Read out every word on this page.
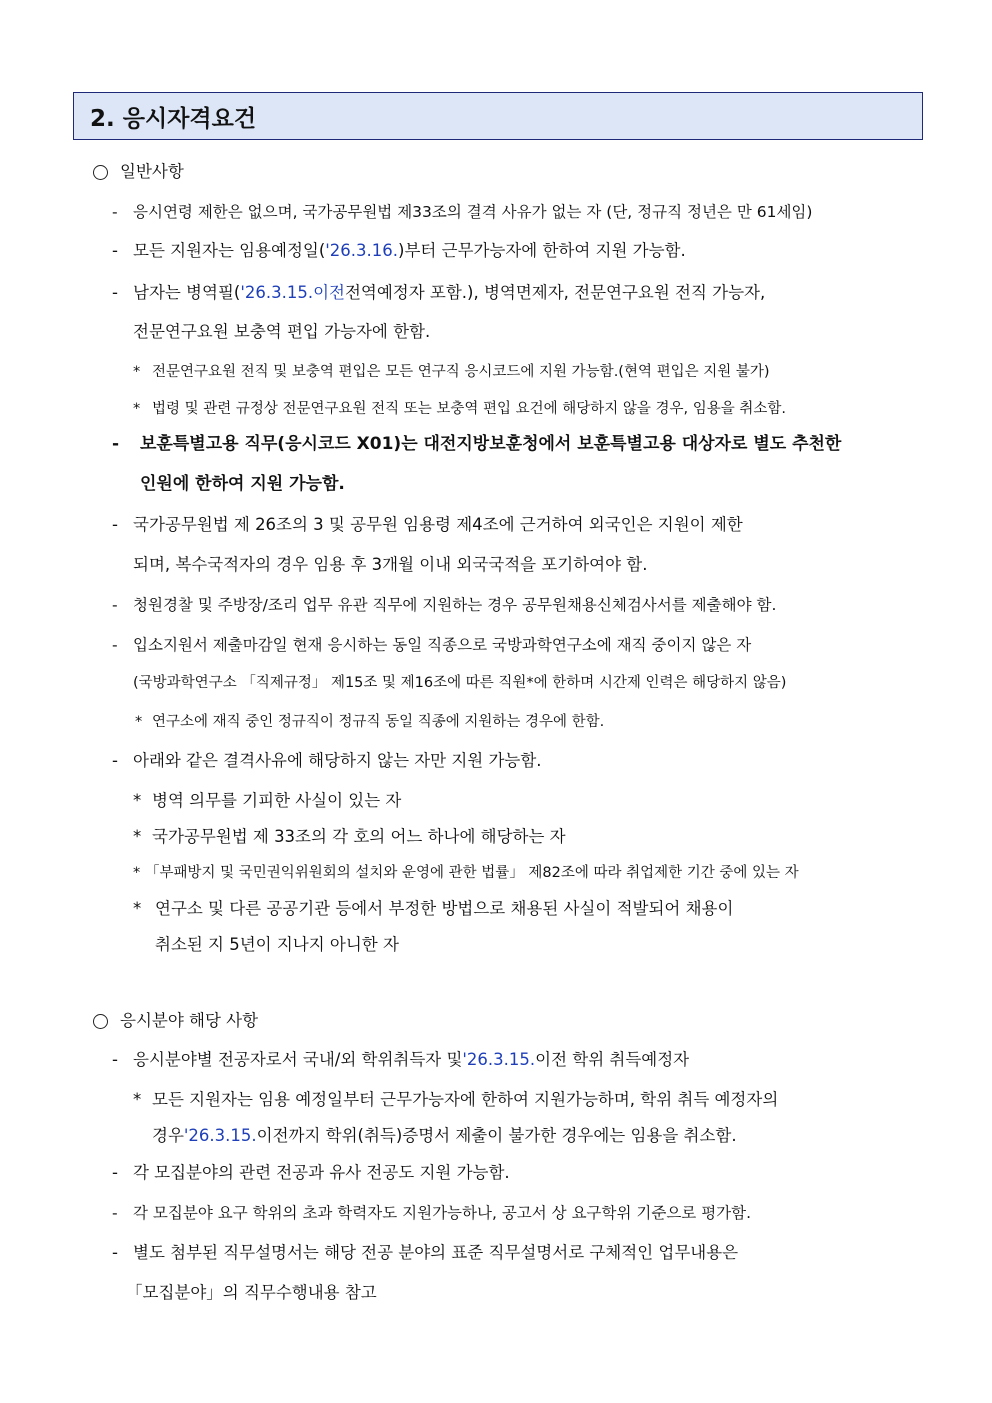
2. 응시자격요건
일반사항
- 응시연령 제한은 없으며, 국가공무원법 제33조의 결격 사유가 없는 자 (단, 정규직 정년은 만 61세임)
- 모든 지원자는 임용예정일( '26.3.16. )부터 근무가능자에 한하여 지원 가능함.
- 남자는 병역필( '26.3.15.이전 전역예정자 포함.), 병역면제자, 전문연구요원 전직 가능자,
전문연구요원 보충역 편입 가능자에 한함.
* 전문연구요원 전직 및 보충역 편입은 모든 연구직 응시코드에 지원 가능함.(현역 편입은 지원 불가)
* 법령 및 관련 규정상 전문연구요원 전직 또는 보충역 편입 요건에 해당하지 않을 경우, 임용을 취소함.
- 보훈특별고용 직무(응시코드 X01)는 대전지방보훈청에서 보훈특별고용 대상자로 별도 추천한
인원에 한하여 지원 가능함.
- 국가공무원법 제 26조의 3 및 공무원 임용령 제4조에 근거하여 외국인은 지원이 제한
되며, 복수국적자의 경우 임용 후 3개월 이내 외국국적을 포기하여야 함.
- 청원경찰 및 주방장/조리 업무 유관 직무에 지원하는 경우 공무원채용신체검사서를 제출해야 함.
- 입소지원서 제출마감일 현재 응시하는 동일 직종으로 국방과학연구소에 재직 중이지 않은 자
(국방과학연구소 「직제규정」 제15조 및 제16조에 따른 직원*에 한하며 시간제 인력은 해당하지 않음)
* 연구소에 재직 중인 정규직이 정규직 동일 직종에 지원하는 경우에 한함.
- 아래와 같은 결격사유에 해당하지 않는 자만 지원 가능함.
* 병역 의무를 기피한 사실이 있는 자
* 국가공무원법 제 33조의 각 호의 어느 하나에 해당하는 자
* 「부패방지 및 국민권익위원회의 설치와 운영에 관한 법률」 제82조에 따라 취업제한 기간 중에 있는 자
* 연구소 및 다른 공공기관 등에서 부정한 방법으로 채용된 사실이 적발되어 채용이
취소된 지 5년이 지나지 아니한 자
응시분야 해당 사항
- 응시분야별 전공자로서 국내/외 학위취득자 및 '26.3.15. 이전 학위 취득예정자
* 모든 지원자는 임용 예정일부터 근무가능자에 한하여 지원가능하며, 학위 취득 예정자의
경우 '26.3.15. 이전까지 학위(취득)증명서 제출이 불가한 경우에는 임용을 취소함.
- 각 모집분야의 관련 전공과 유사 전공도 지원 가능함.
- 각 모집분야 요구 학위의 초과 학력자도 지원가능하나, 공고서 상 요구학위 기준으로 평가함.
- 별도 첨부된 직무설명서는 해당 전공 분야의 표준 직무설명서로 구체적인 업무내용은
「모집분야」의 직무수행내용 참고
